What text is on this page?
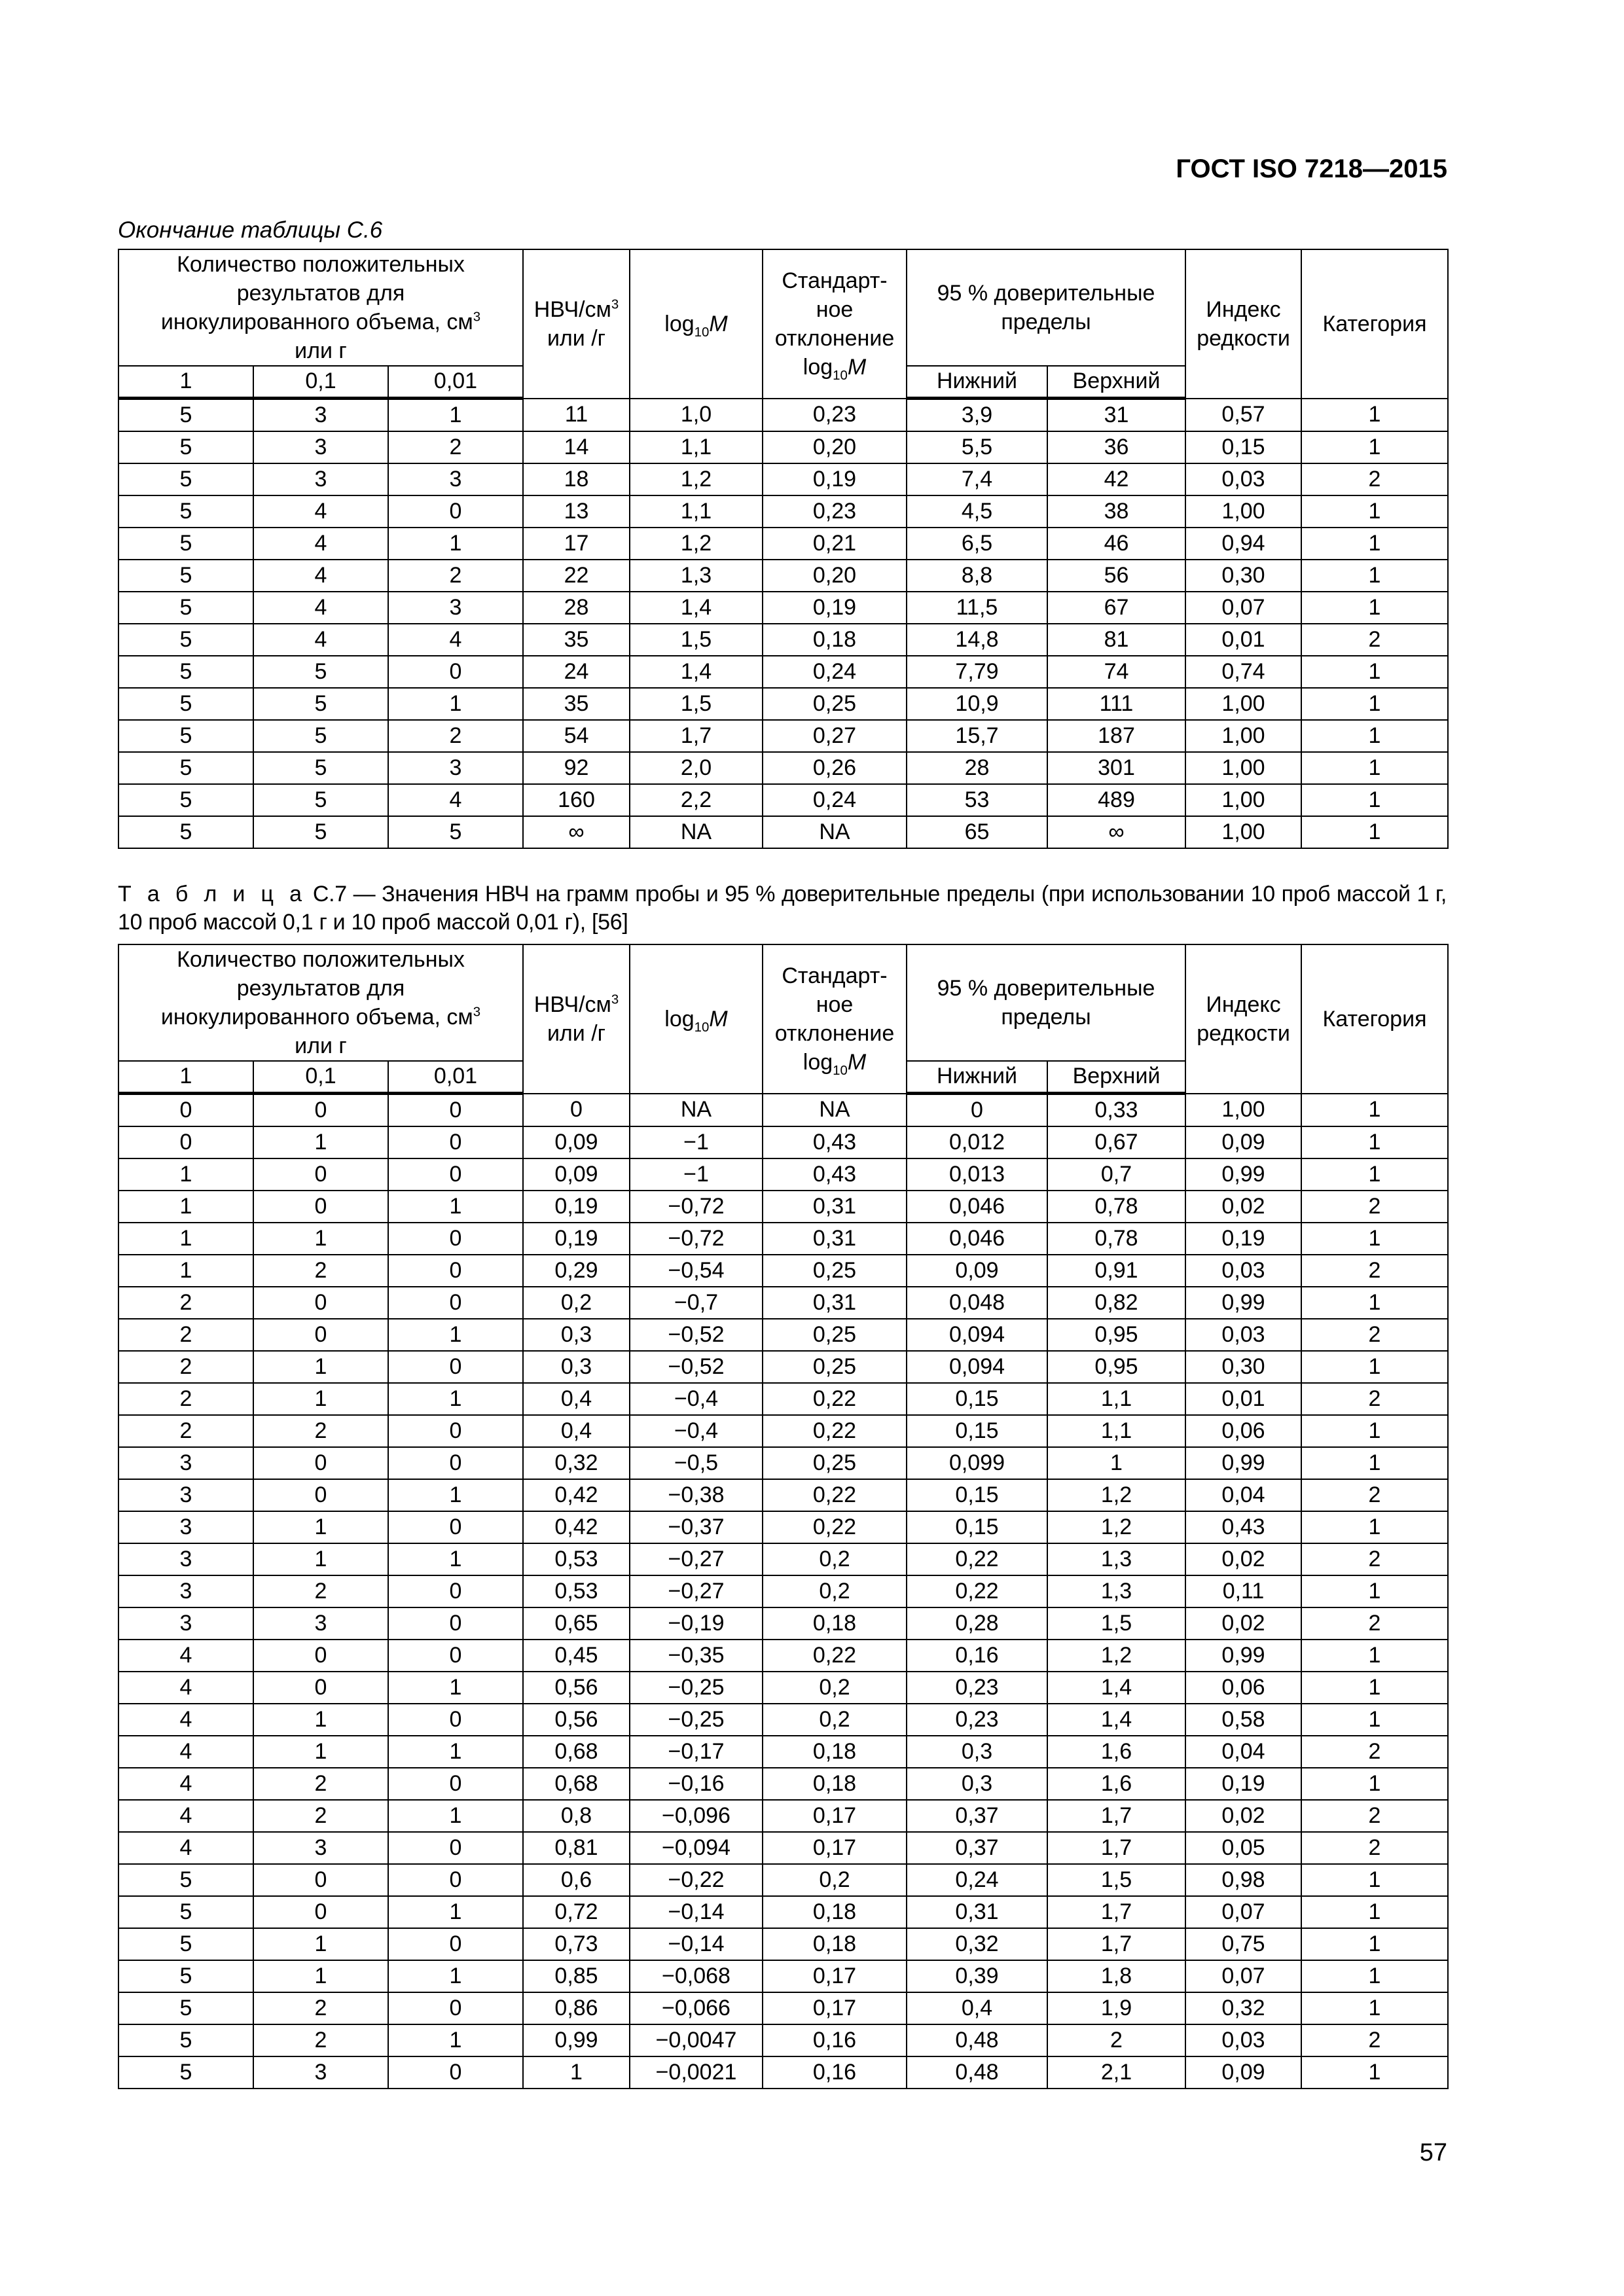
ГОСТ ISO 7218—2015
Окончание таблицы С.6
Количество положительных
результатов для
инокулированного объема, $см^3$
или г			НВЧ/$см^3$
или /г	$\log_{10}M$	Стандарт-
ное
отклонение
$\log_{10}M$	95 % доверительные
пределы		Индекс
редкости	Категория
1	0,1	0,01				Нижний	Верхний		
5	3	1	11	1,0	0,23	3,9	31	0,57	1
5	3	2	14	1,1	0,20	5,5	36	0,15	1
5	3	3	18	1,2	0,19	7,4	42	0,03	2
5	4	0	13	1,1	0,23	4,5	38	1,00	1
5	4	1	17	1,2	0,21	6,5	46	0,94	1
5	4	2	22	1,3	0,20	8,8	56	0,30	1
5	4	3	28	1,4	0,19	11,5	67	0,07	1
5	4	4	35	1,5	0,18	14,8	81	0,01	2
5	5	0	24	1,4	0,24	7,79	74	0,74	1
5	5	1	35	1,5	0,25	10,9	111	1,00	1
5	5	2	54	1,7	0,27	15,7	187	1,00	1
5	5	3	92	2,0	0,26	28	301	1,00	1
5	5	4	160	2,2	0,24	53	489	1,00	1
5	5	5	∞	NA	NA	65	∞	1,00	1
Т а б л и ц а С.7 — Значения НВЧ на грамм пробы и 95 % доверительные пределы (при использовании 10 проб массой 1 г, 10 проб массой 0,1 г и 10 проб массой 0,01 г), [56]
Количество положительных
результатов для
инокулированного объема, $см^3$
или г			НВЧ/$см^3$
или /г	$\log_{10}M$	Стандарт-
ное
отклонение
$\log_{10}M$	95 % доверительные
пределы		Индекс
редкости	Категория
1	0,1	0,01				Нижний	Верхний		
0	0	0	0	NA	NA	0	0,33	1,00	1
0	1	0	0,09	−1	0,43	0,012	0,67	0,09	1
1	0	0	0,09	−1	0,43	0,013	0,7	0,99	1
1	0	1	0,19	−0,72	0,31	0,046	0,78	0,02	2
1	1	0	0,19	−0,72	0,31	0,046	0,78	0,19	1
1	2	0	0,29	−0,54	0,25	0,09	0,91	0,03	2
2	0	0	0,2	−0,7	0,31	0,048	0,82	0,99	1
2	0	1	0,3	−0,52	0,25	0,094	0,95	0,03	2
2	1	0	0,3	−0,52	0,25	0,094	0,95	0,30	1
2	1	1	0,4	−0,4	0,22	0,15	1,1	0,01	2
2	2	0	0,4	−0,4	0,22	0,15	1,1	0,06	1
3	0	0	0,32	−0,5	0,25	0,099	1	0,99	1
3	0	1	0,42	−0,38	0,22	0,15	1,2	0,04	2
3	1	0	0,42	−0,37	0,22	0,15	1,2	0,43	1
3	1	1	0,53	−0,27	0,2	0,22	1,3	0,02	2
3	2	0	0,53	−0,27	0,2	0,22	1,3	0,11	1
3	3	0	0,65	−0,19	0,18	0,28	1,5	0,02	2
4	0	0	0,45	−0,35	0,22	0,16	1,2	0,99	1
4	0	1	0,56	−0,25	0,2	0,23	1,4	0,06	1
4	1	0	0,56	−0,25	0,2	0,23	1,4	0,58	1
4	1	1	0,68	−0,17	0,18	0,3	1,6	0,04	2
4	2	0	0,68	−0,16	0,18	0,3	1,6	0,19	1
4	2	1	0,8	−0,096	0,17	0,37	1,7	0,02	2
4	3	0	0,81	−0,094	0,17	0,37	1,7	0,05	2
5	0	0	0,6	−0,22	0,2	0,24	1,5	0,98	1
5	0	1	0,72	−0,14	0,18	0,31	1,7	0,07	1
5	1	0	0,73	−0,14	0,18	0,32	1,7	0,75	1
5	1	1	0,85	−0,068	0,17	0,39	1,8	0,07	1
5	2	0	0,86	−0,066	0,17	0,4	1,9	0,32	1
5	2	1	0,99	−0,0047	0,16	0,48	2	0,03	2
5	3	0	1	−0,0021	0,16	0,48	2,1	0,09	1
57
